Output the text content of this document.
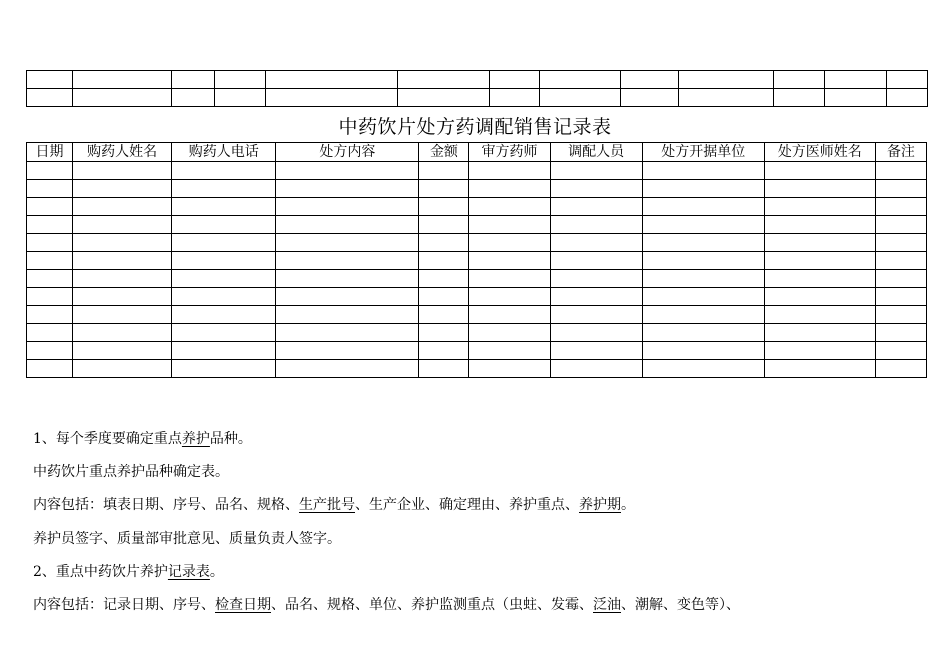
中药饮片处方药调配销售记录表
日期	购药人姓名	购药人电话	处方内容	金额	审方药师	调配人员	处方开据单位	处方医师姓名	备注

1、每个季度要确定重点养护品种。
中药饮片重点养护品种确定表。
内容包括：填表日期、序号、品名、规格、生产批号、生产企业、确定理由、养护重点、养护期。
养护员签字、质量部审批意见、质量负责人签字。
2、重点中药饮片养护记录表。
内容包括：记录日期、序号、检查日期、品名、规格、单位、养护监测重点（虫蛀、发霉、泛油、潮解、变色等）、
